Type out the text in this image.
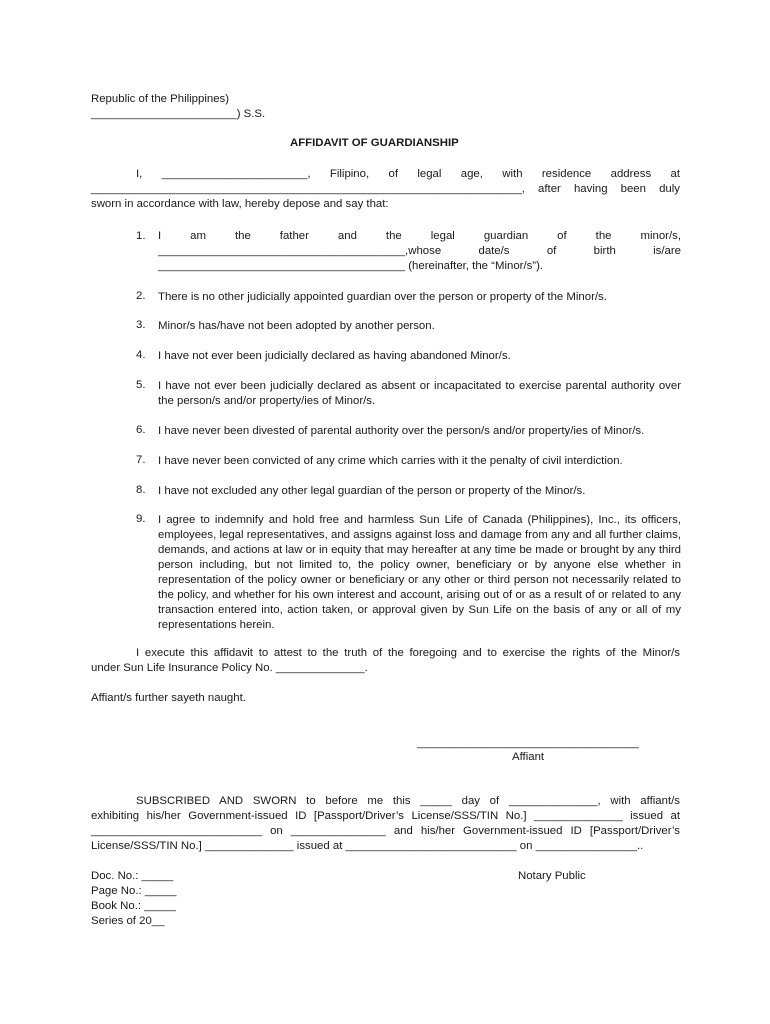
Republic of the Philippines)
_______________________) S.S.
AFFIDAVIT OF GUARDIANSHIP
I, _______________________, Filipino, of legal age, with residence address at
____________________________________________________________________, after having been duly
sworn in accordance with law, hereby depose and say that:
1. I am the father and the legal guardian of the minor/s,
_______________________________________,whose date/s of birth is/are
_______________________________________ (hereinafter, the “Minor/s”).
2. There is no other judicially appointed guardian over the person or property of the Minor/s.
3. Minor/s has/have not been adopted by another person.
4. I have not ever been judicially declared as having abandoned Minor/s.
5. I have not ever been judicially declared as absent or incapacitated to exercise parental authority over the person/s and/or property/ies of Minor/s.
6. I have never been divested of parental authority over the person/s and/or property/ies of Minor/s.
7. I have never been convicted of any crime which carries with it the penalty of civil interdiction.
8. I have not excluded any other legal guardian of the person or property of the Minor/s.
9. I agree to indemnify and hold free and harmless Sun Life of Canada (Philippines), Inc., its officers, employees, legal representatives, and assigns against loss and damage from any and all further claims, demands, and actions at law or in equity that may hereafter at any time be made or brought by any third person including, but not limited to, the policy owner, beneficiary or by anyone else whether in representation of the policy owner or beneficiary or any other or third person not necessarily related to the policy, and whether for his own interest and account, arising out of or as a result of or related to any transaction entered into, action taken, or approval given by Sun Life on the basis of any or all of my representations herein.
I execute this affidavit to attest to the truth of the foregoing and to exercise the rights of the Minor/s
under Sun Life Insurance Policy No. ______________.
Affiant/s further sayeth naught.
___________________________________
Affiant
SUBSCRIBED AND SWORN to before me this _____ day of ______________, with affiant/s
exhibiting his/her Government-issued ID [Passport/Driver’s License/SSS/TIN No.] ______________ issued at
___________________________ on _______________ and his/her Government-issued ID [Passport/Driver’s
License/SSS/TIN No.] ______________ issued at ___________________________ on ________________..
Doc. No.: _____
Page No.: _____
Book No.: _____
Series of 20__
Notary Public
